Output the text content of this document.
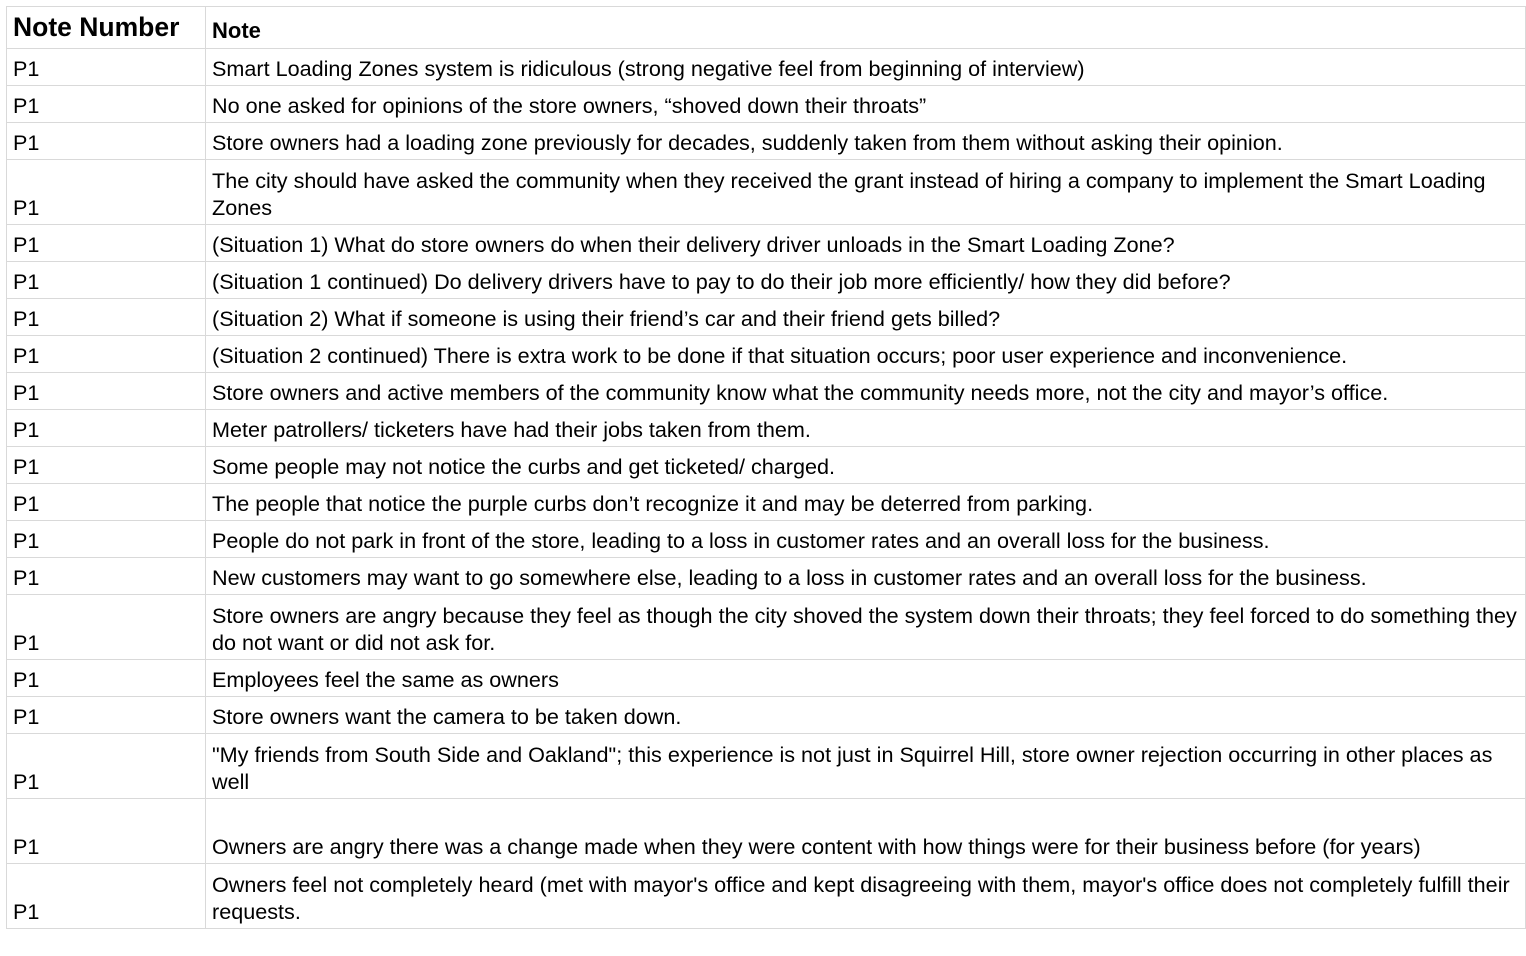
Note Number	Note
P1	Smart Loading Zones system is ridiculous (strong negative feel from beginning of interview)
P1	No one asked for opinions of the store owners, “shoved down their throats”
P1	Store owners had a loading zone previously for decades, suddenly taken from them without asking their opinion.
P1	The city should have asked the community when they received the grant instead of hiring a company to implement the Smart Loading Zones
P1	(Situation 1) What do store owners do when their delivery driver unloads in the Smart Loading Zone?
P1	(Situation 1 continued) Do delivery drivers have to pay to do their job more efficiently/ how they did before?
P1	(Situation 2) What if someone is using their friend’s car and their friend gets billed?
P1	(Situation 2 continued) There is extra work to be done if that situation occurs; poor user experience and inconvenience.
P1	Store owners and active members of the community know what the community needs more, not the city and mayor’s office.
P1	Meter patrollers/ ticketers have had their jobs taken from them.
P1	Some people may not notice the curbs and get ticketed/ charged.
P1	The people that notice the purple curbs don’t recognize it and may be deterred from parking.
P1	People do not park in front of the store, leading to a loss in customer rates and an overall loss for the business.
P1	New customers may want to go somewhere else, leading to a loss in customer rates and an overall loss for the business.
P1	Store owners are angry because they feel as though the city shoved the system down their throats; they feel forced to do something they do not want or did not ask for.
P1	Employees feel the same as owners
P1	Store owners want the camera to be taken down.
P1	"My friends from South Side and Oakland"; this experience is not just in Squirrel Hill, store owner rejection occurring in other places as well
P1	Owners are angry there was a change made when they were content with how things were for their business before (for years)
P1	Owners feel not completely heard (met with mayor's office and kept disagreeing with them, mayor's office does not completely fulfill their requests.
